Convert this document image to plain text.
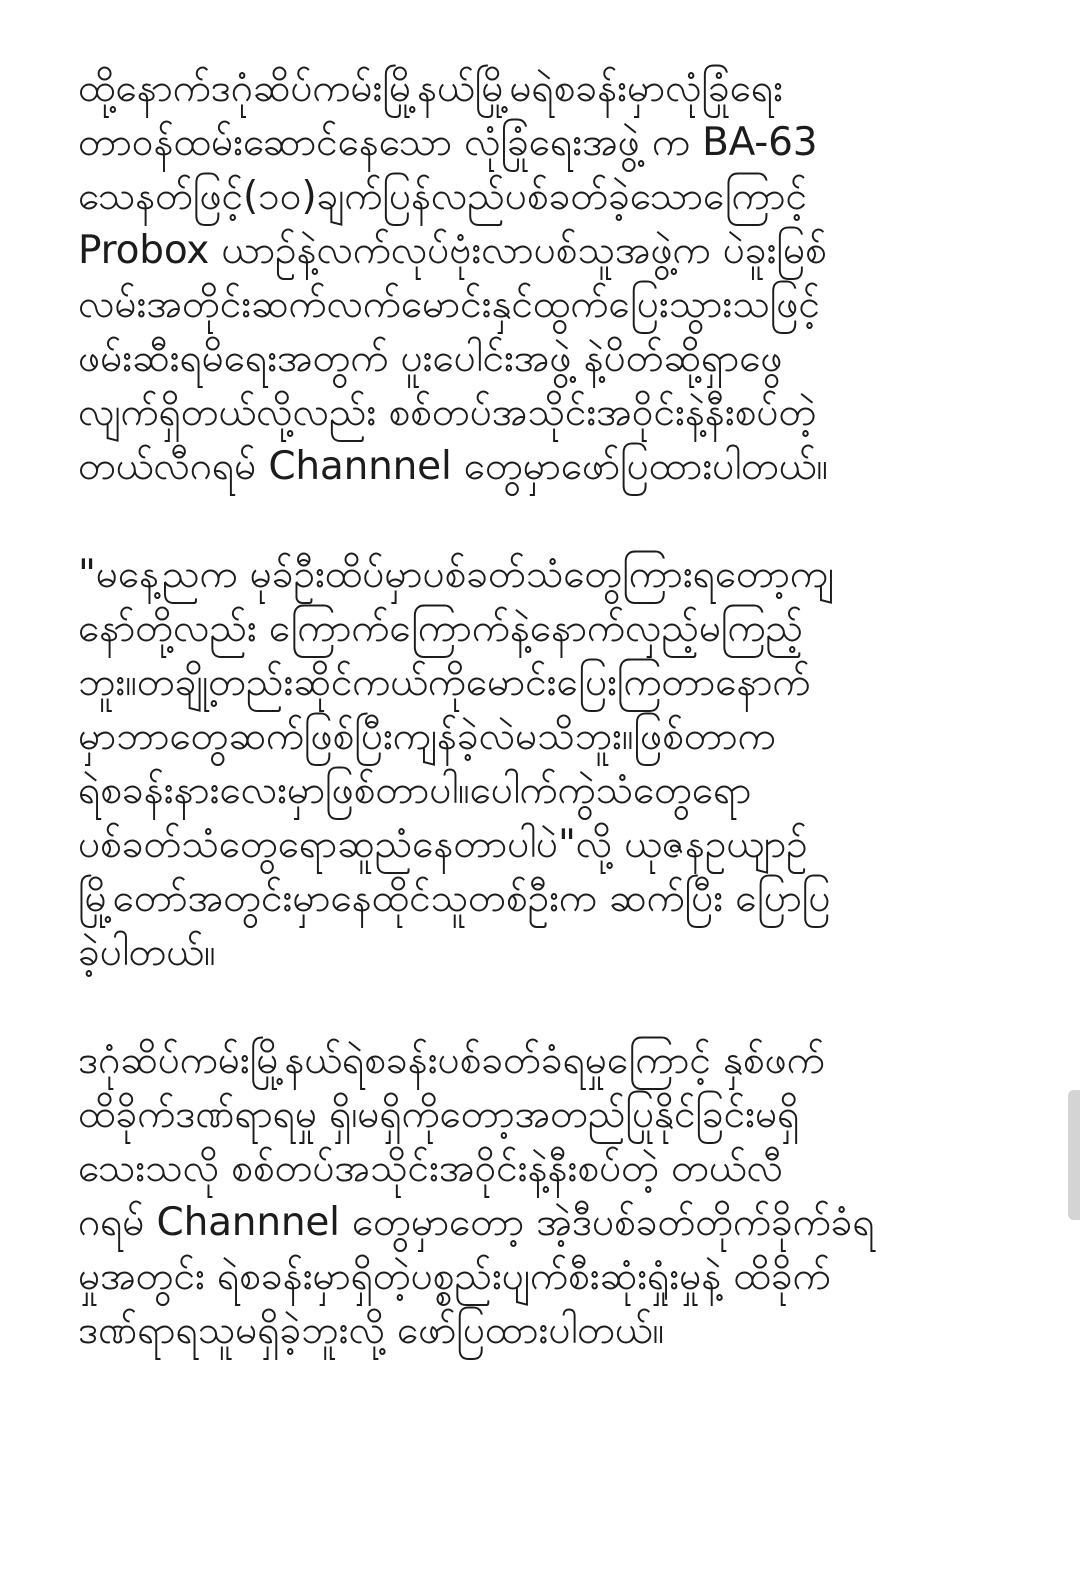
ထို့နောက်ဒဂုံဆိပ်ကမ်းမြို့နယ်မြို့မရဲစခန်းမှာလုံခြုံရေး
တာဝန်ထမ်းဆောင်နေသော လုံခြုံရေးအဖွဲ့ က BA-63
သေနတ်ဖြင့်(၁၀)ချက်ပြန်လည်ပစ်ခတ်ခဲ့သောကြောင့်
Probox ယာဉ်နဲ့လက်လုပ်ဗုံးလာပစ်သူအဖွဲ့က ပဲခူးမြစ်
လမ်းအတိုင်းဆက်လက်မောင်းနှင်ထွက်ပြေးသွားသဖြင့်
ဖမ်းဆီးရမိရေးအတွက် ပူးပေါင်းအဖွဲ့ နဲ့ပိတ်ဆို့ရှာဖွေ
လျက်ရှိတယ်လို့လည်း စစ်တပ်အသိုင်းအဝိုင်းနဲ့နီးစပ်တဲ့
တယ်လီဂရမ် Channnel တွေမှာဖော်ပြထားပါတယ်။
"မနေ့ညက မုခ်ဦးထိပ်မှာပစ်ခတ်သံတွေကြားရတော့ကျ
နော်တို့လည်း ကြောက်ကြောက်နဲ့နောက်လှည့်မကြည့်
ဘူး။တချို့တည်းဆိုင်ကယ်ကိုမောင်းပြေးကြတာနောက်
မှာဘာတွေဆက်ဖြစ်ပြီးကျန်ခဲ့လဲမသိဘူး။ဖြစ်တာက
ရဲစခန်းနားလေးမှာဖြစ်တာပါ။ပေါက်ကွဲသံတွေရော
ပစ်ခတ်သံတွေရောဆူညံနေတာပါပဲ"လို့ ယုဇနဥယျာဉ်
မြို့တော်အတွင်းမှာနေထိုင်သူတစ်ဦးက ဆက်ပြီး ပြောပြ
ခဲ့ပါတယ်။
ဒဂုံဆိပ်ကမ်းမြို့နယ်ရဲစခန်းပစ်ခတ်ခံရမှုကြောင့် နှစ်ဖက်
ထိခိုက်ဒဏ်ရာရမှု ရှိ၊မရှိကိုတော့အတည်ပြုနိုင်ခြင်းမရှိ
သေးသလို စစ်တပ်အသိုင်းအဝိုင်းနဲ့နီးစပ်တဲ့ တယ်လီ
ဂရမ် Channnel တွေမှာတော့ အဲ့ဒီပစ်ခတ်တိုက်ခိုက်ခံရ
မှုအတွင်း ရဲစခန်းမှာရှိတဲ့ပစ္စည်းပျက်စီးဆုံးရှုံးမှုနဲ့ ထိခိုက်
ဒဏ်ရာရသူမရှိခဲ့ဘူးလို့ ဖော်ပြထားပါတယ်။
